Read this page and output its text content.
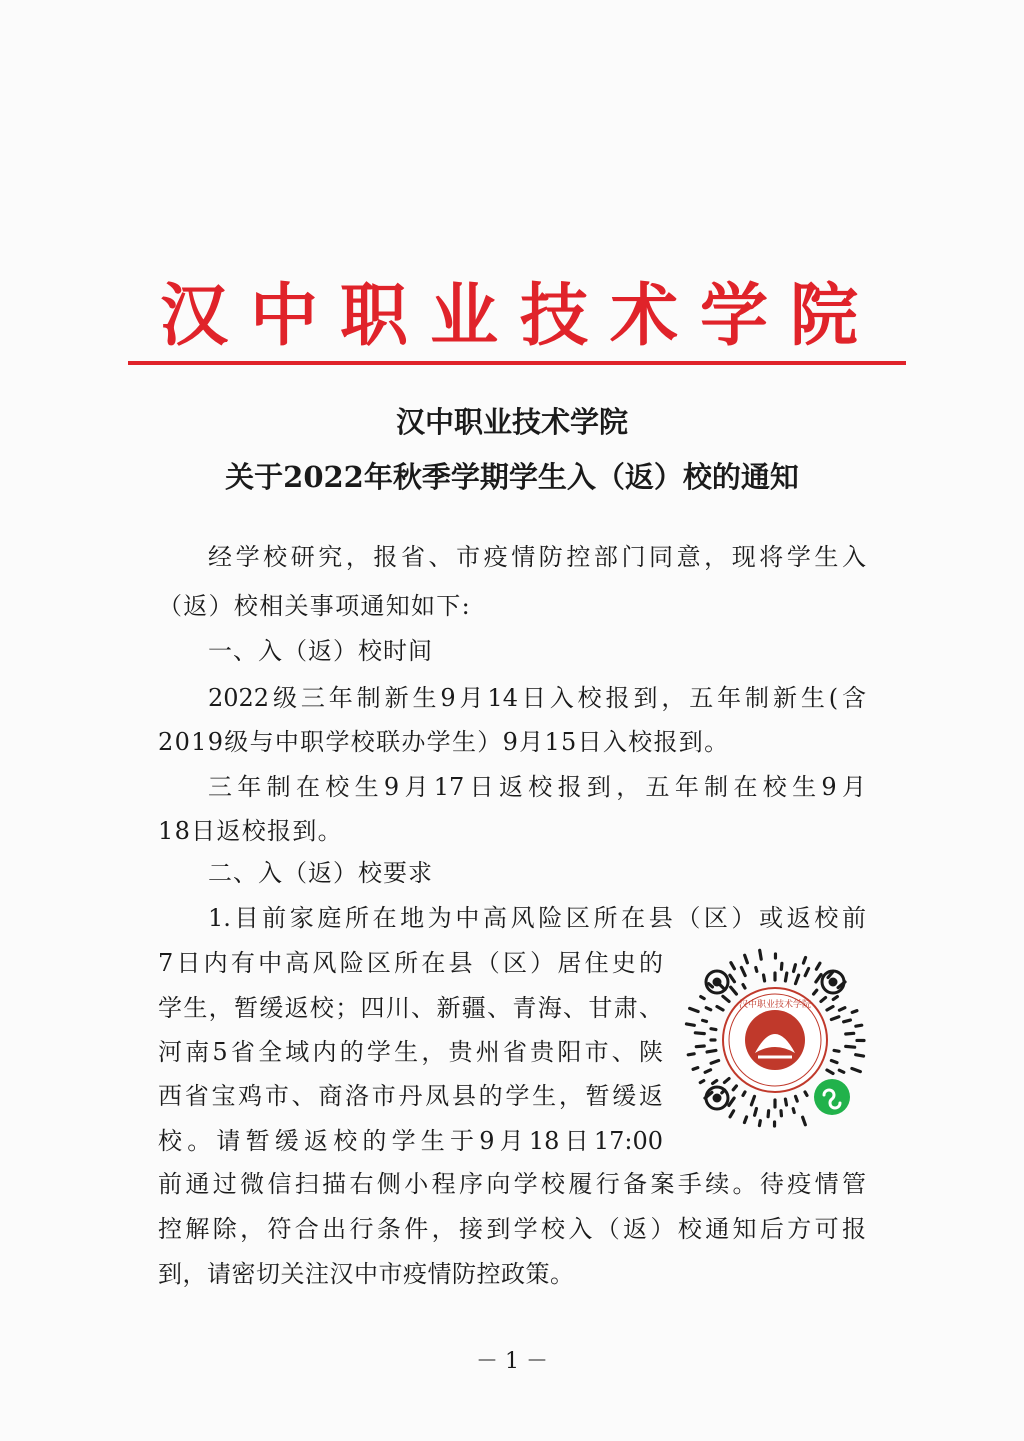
汉中职业技术学院
汉中职业技术学院
关于2022年秋季学期学生入（返）校的通知
经学校研究，报省、市疫情防控部门同意，现将学生入
（返）校相关事项通知如下:
一、入（返）校时间
2022级三年制新生9月14日入校报到，五年制新生(含
2019级与中职学校联办学生）9月15日入校报到。
三年制在校生9月17日返校报到，五年制在校生9月
18日返校报到。
二、入（返）校要求
1.目前家庭所在地为中高风险区所在县（区）或返校前
7日内有中高风险区所在县（区）居住史的
学生，暂缓返校；四川、新疆、青海、甘肃、
河南5省全域内的学生，贵州省贵阳市、陕
西省宝鸡市、商洛市丹凤县的学生，暂缓返
校。请暂缓返校的学生于9月18日17:00
前通过微信扫描右侧小程序向学校履行备案手续。待疫情管
控解除，符合出行条件，接到学校入（返）校通知后方可报
到，请密切关注汉中市疫情防控政策。
汉中职业技术学院
－ 1 －
